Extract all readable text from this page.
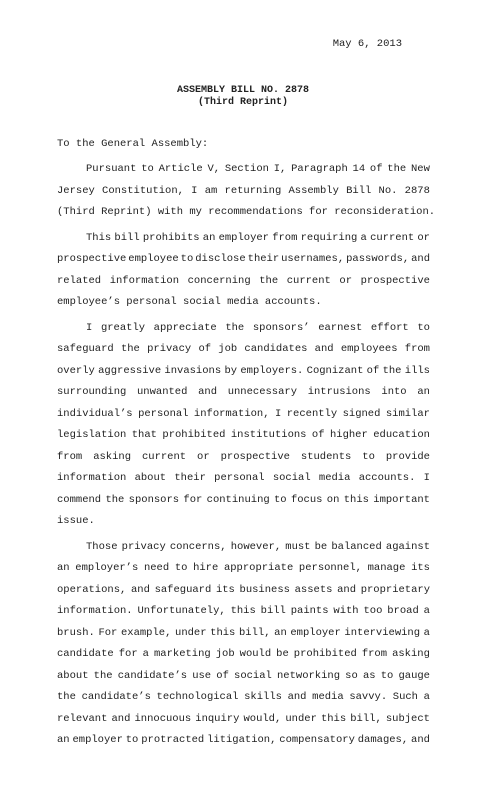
May 6, 2013
ASSEMBLY BILL NO. 2878
(Third Reprint)
To the General Assembly:
Pursuant to Article V, Section I, Paragraph 14 of the New
Jersey Constitution, I am returning Assembly Bill No. 2878
(Third Reprint) with my recommendations for reconsideration.
This bill prohibits an employer from requiring a current or
prospective employee to disclose their usernames, passwords, and
related information concerning the current or prospective
employee’s personal social media accounts.
I greatly appreciate the sponsors’ earnest effort to
safeguard the privacy of job candidates and employees from
overly aggressive invasions by employers. Cognizant of the ills
surrounding unwanted and unnecessary intrusions into an
individual’s personal information, I recently signed similar
legislation that prohibited institutions of higher education
from asking current or prospective students to provide
information about their personal social media accounts. I
commend the sponsors for continuing to focus on this important
issue.
Those privacy concerns, however, must be balanced against
an employer’s need to hire appropriate personnel, manage its
operations, and safeguard its business assets and proprietary
information. Unfortunately, this bill paints with too broad a
brush. For example, under this bill, an employer interviewing a
candidate for a marketing job would be prohibited from asking
about the candidate’s use of social networking so as to gauge
the candidate’s technological skills and media savvy. Such a
relevant and innocuous inquiry would, under this bill, subject
an employer to protracted litigation, compensatory damages, and
